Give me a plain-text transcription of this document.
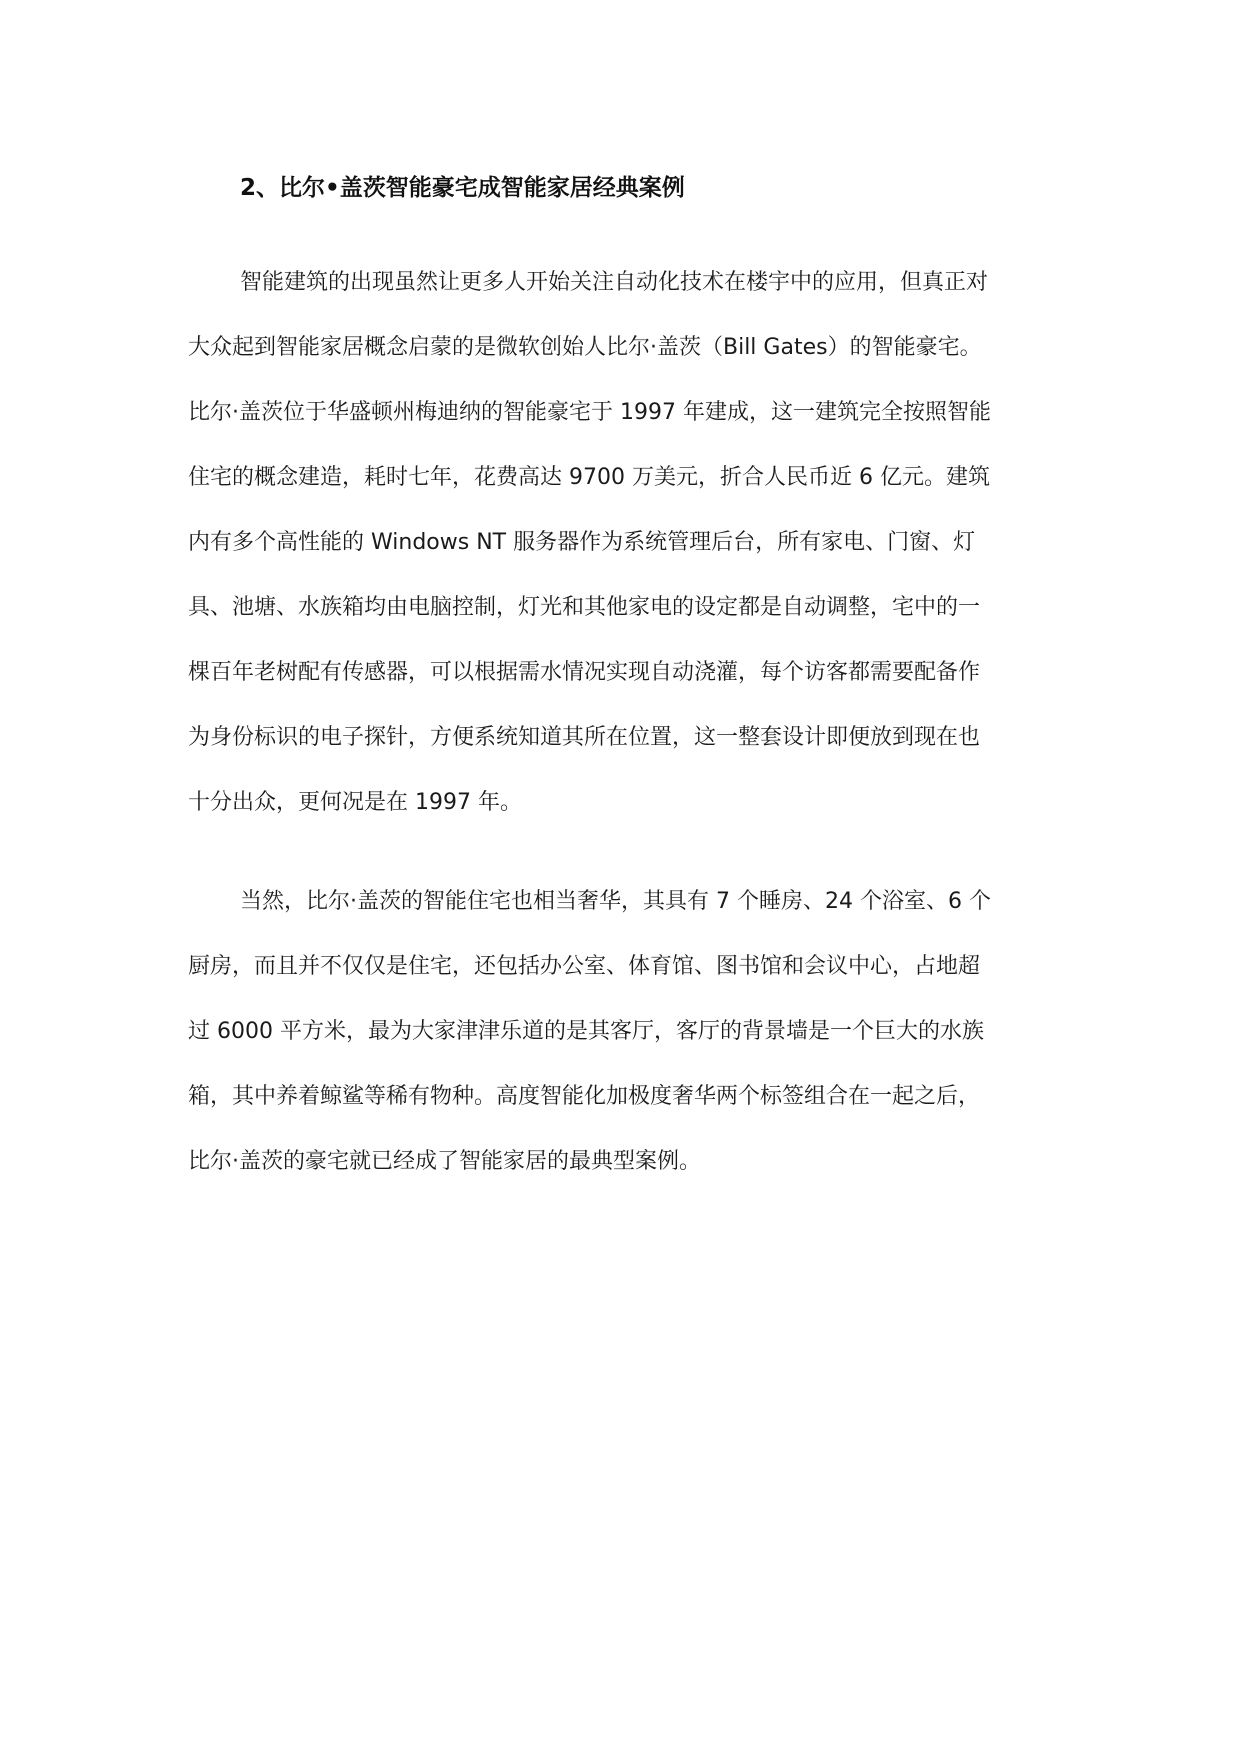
2、比尔•盖茨智能豪宅成智能家居经典案例
智能建筑的出现虽然让更多人开始关注自动化技术在楼宇中的应用，但真正对
大众起到智能家居概念启蒙的是微软创始人比尔·盖茨（Bill Gates）的智能豪宅。
比尔·盖茨位于华盛顿州梅迪纳的智能豪宅于 1997 年建成，这一建筑完全按照智能
住宅的概念建造，耗时七年，花费高达 9700 万美元，折合人民币近 6 亿元。建筑
内有多个高性能的 Windows NT 服务器作为系统管理后台，所有家电、门窗、灯
具、池塘、水族箱均由电脑控制，灯光和其他家电的设定都是自动调整，宅中的一
棵百年老树配有传感器，可以根据需水情况实现自动浇灌，每个访客都需要配备作
为身份标识的电子探针，方便系统知道其所在位置，这一整套设计即便放到现在也
十分出众，更何况是在 1997 年。
当然，比尔·盖茨的智能住宅也相当奢华，其具有 7 个睡房、24 个浴室、6 个
厨房，而且并不仅仅是住宅，还包括办公室、体育馆、图书馆和会议中心，占地超
过 6000 平方米，最为大家津津乐道的是其客厅，客厅的背景墙是一个巨大的水族
箱，其中养着鲸鲨等稀有物种。高度智能化加极度奢华两个标签组合在一起之后，
比尔·盖茨的豪宅就已经成了智能家居的最典型案例。
